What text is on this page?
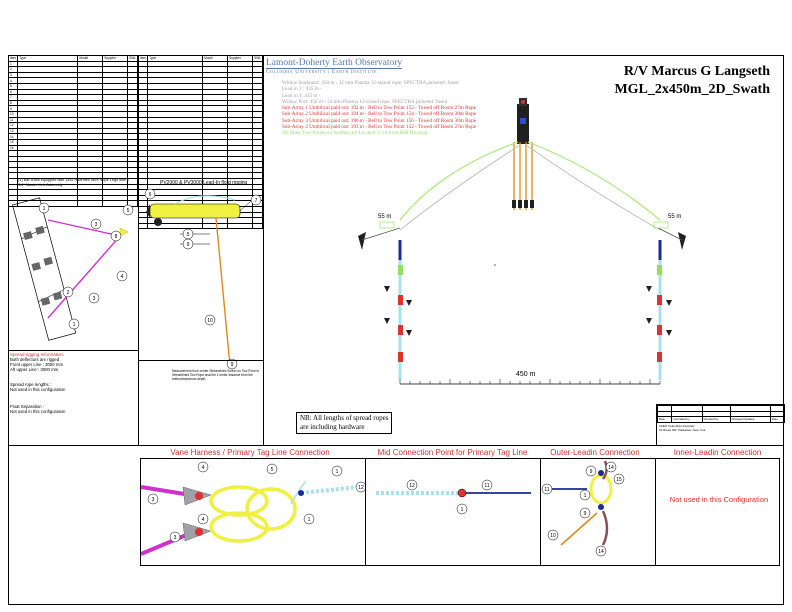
Item	Type	Model	Supplier	SWL
1				
2				
3				
4				
5				
6				
7				
8				
9				
10				
11				
12				
13				
14				
15				
16				

Item	Type	Model	Supplier	SWL

				Lamont-Doherty Earth Observatory
Columbia University | Earth Institute	R/V Marcus G Langseth
MGL_2x450m_2D_Swath
Widow Starboard: 450 m - 32 mm Plasma 12-strand rope, SPECTRA jacketed: fused
Lead in 3 : 435 m -
Lead in 4: 435 m -
Widow Port: 450 m - 32 mm Plasma 12-strand rope, SPECTRA jacketed: fused
Sub-Array 1 Umbilical paid out: 192 m - Bell to Tow Point 152 - Towed off Boom 27m Rope
Sub-Array 2 Umbilical paid out: 194 m - Bell to Tow Point 154 - Towed off Boom 30m Rope
Sub-Array 3 Umbilical paid out: 196 m - Bell to Tow Point 156 - Towed off Boom 30m Rope
Sub-Array 4 Umbilical paid out: 193 m - Bell to Tow Point 152 - Towed off Boom 27m Rope
All Main Tow Points on Seaflies are Located 15 m from Bell Housing
55 m	55 m
450 m
(1) Bar cross equipped with 1x32 Hydrotec Wire Rope Legs with 2 3/4" Master Link Assembly
1
3
5
8
4
2
3
1
Spread rigging Information:
Both deflectors are rigged
Front upper Line : 3000 mm
Aft upper Line : 3000 mm
Spread rope lengths :
Not used in this configuration
Float Separation :
Not used in this configuration
PV2000 & PV3000 Lead-In float rigging
6
7
5
9
10
9
Measurement from center Streamlined Swivel on Tow Point to Streamlined Tow Rope shall be 1 meter distance from the bottom/maximum depth.
NB: All lengths of spread ropes
are including hardware

Date	Controlled by	Checked by	Changed/Updated	Date
LDEO Columbia University
61 Route 9W, Palisades, New York
Vane Harness / Primary Tag Line Connection	Mid Connection Point for Primary Tag Line	Outer-Leadin Connection	Inner-Leadin Connection
4
4
5
3
3
1
12
1
12	11
1
11
9
14
15
9
10
14
1	Not used in this Configuration
